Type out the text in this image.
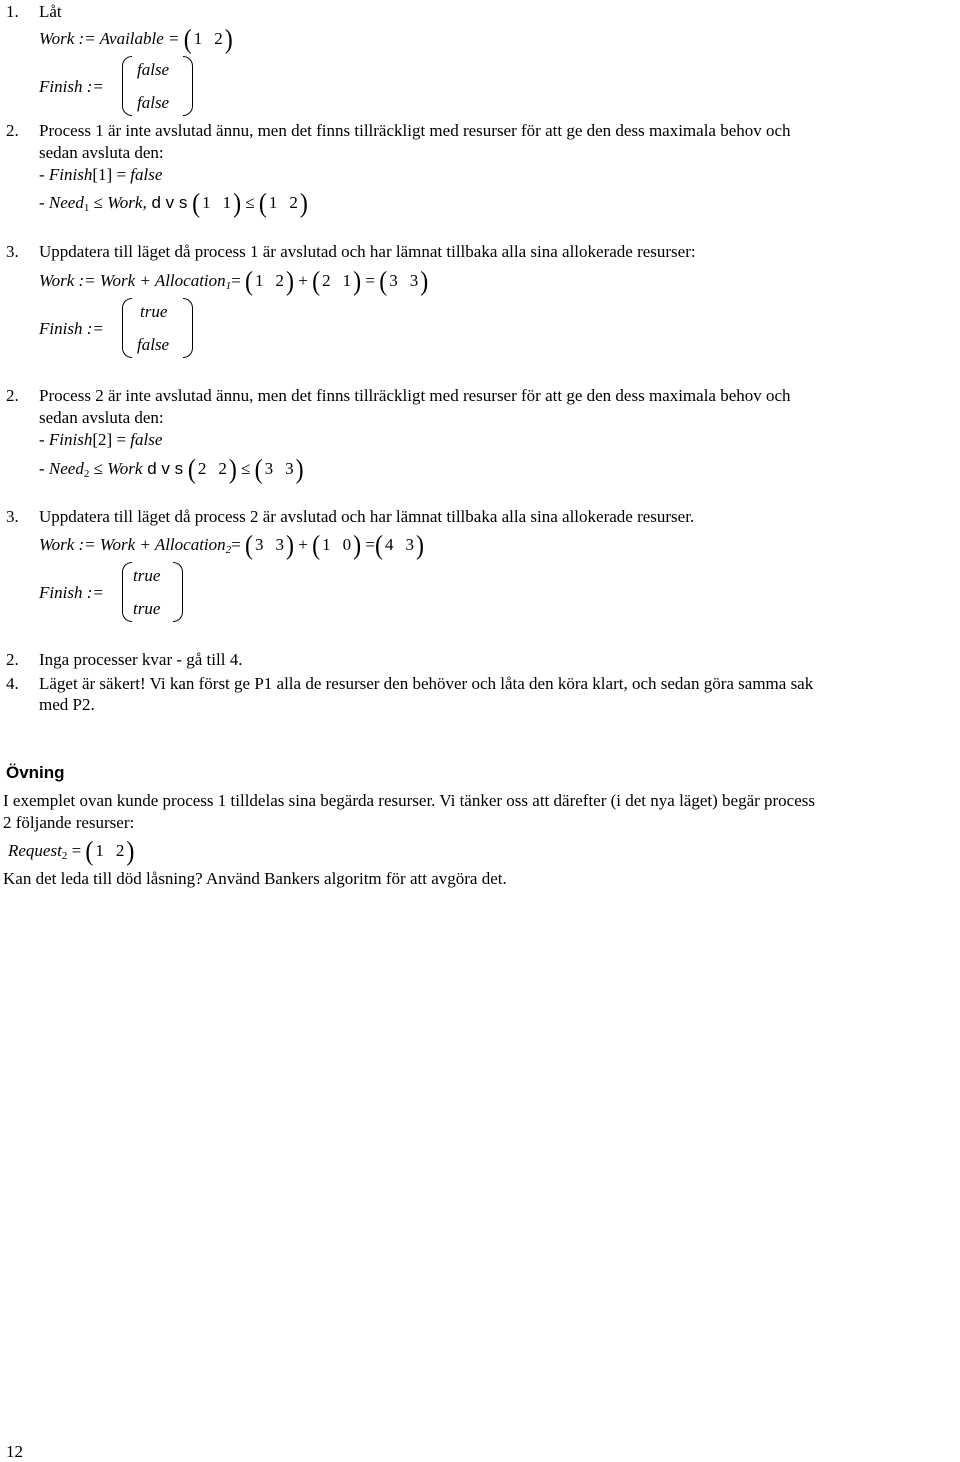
1. Låt
Work := Available = ( 1 2)
Finish :=
false
false
2. Process 1 är inte avslutad ännu, men det finns tillräckligt med resurser för att ge den dess maximala behov och
sedan avsluta den:
- Finish[1] = false
- Need$_1$ ≤ Work, d v s ( 1 1) ≤ ( 1 2)
3. Uppdatera till läget då process 1 är avslutad och har lämnat tillbaka alla sina allokerade resurser:
Work := Work + Allocation$_1$= ( 1 2) + ( 2 1) = ( 3 3)
Finish :=
true
false
2. Process 2 är inte avslutad ännu, men det finns tillräckligt med resurser för att ge den dess maximala behov och
sedan avsluta den:
- Finish[2] = false
- Need$_2$ ≤ Work d v s ( 2 2) ≤ ( 3 3)
3. Uppdatera till läget då process 2 är avslutad och har lämnat tillbaka alla sina allokerade resurser.
Work := Work + Allocation$_2$= ( 3 3) + ( 1 0) =( 4 3)
Finish :=
true
true
2. Inga processer kvar - gå till 4.
4. Läget är säkert! Vi kan först ge P1 alla de resurser den behöver och låta den köra klart, och sedan göra samma sak
med P2.
Övning
I exemplet ovan kunde process 1 tilldelas sina begärda resurser. Vi tänker oss att därefter (i det nya läget) begär process
2 följande resurser:
Request$_2$ = ( 1 2)
Kan det leda till död låsning? Använd Bankers algoritm för att avgöra det.
12
